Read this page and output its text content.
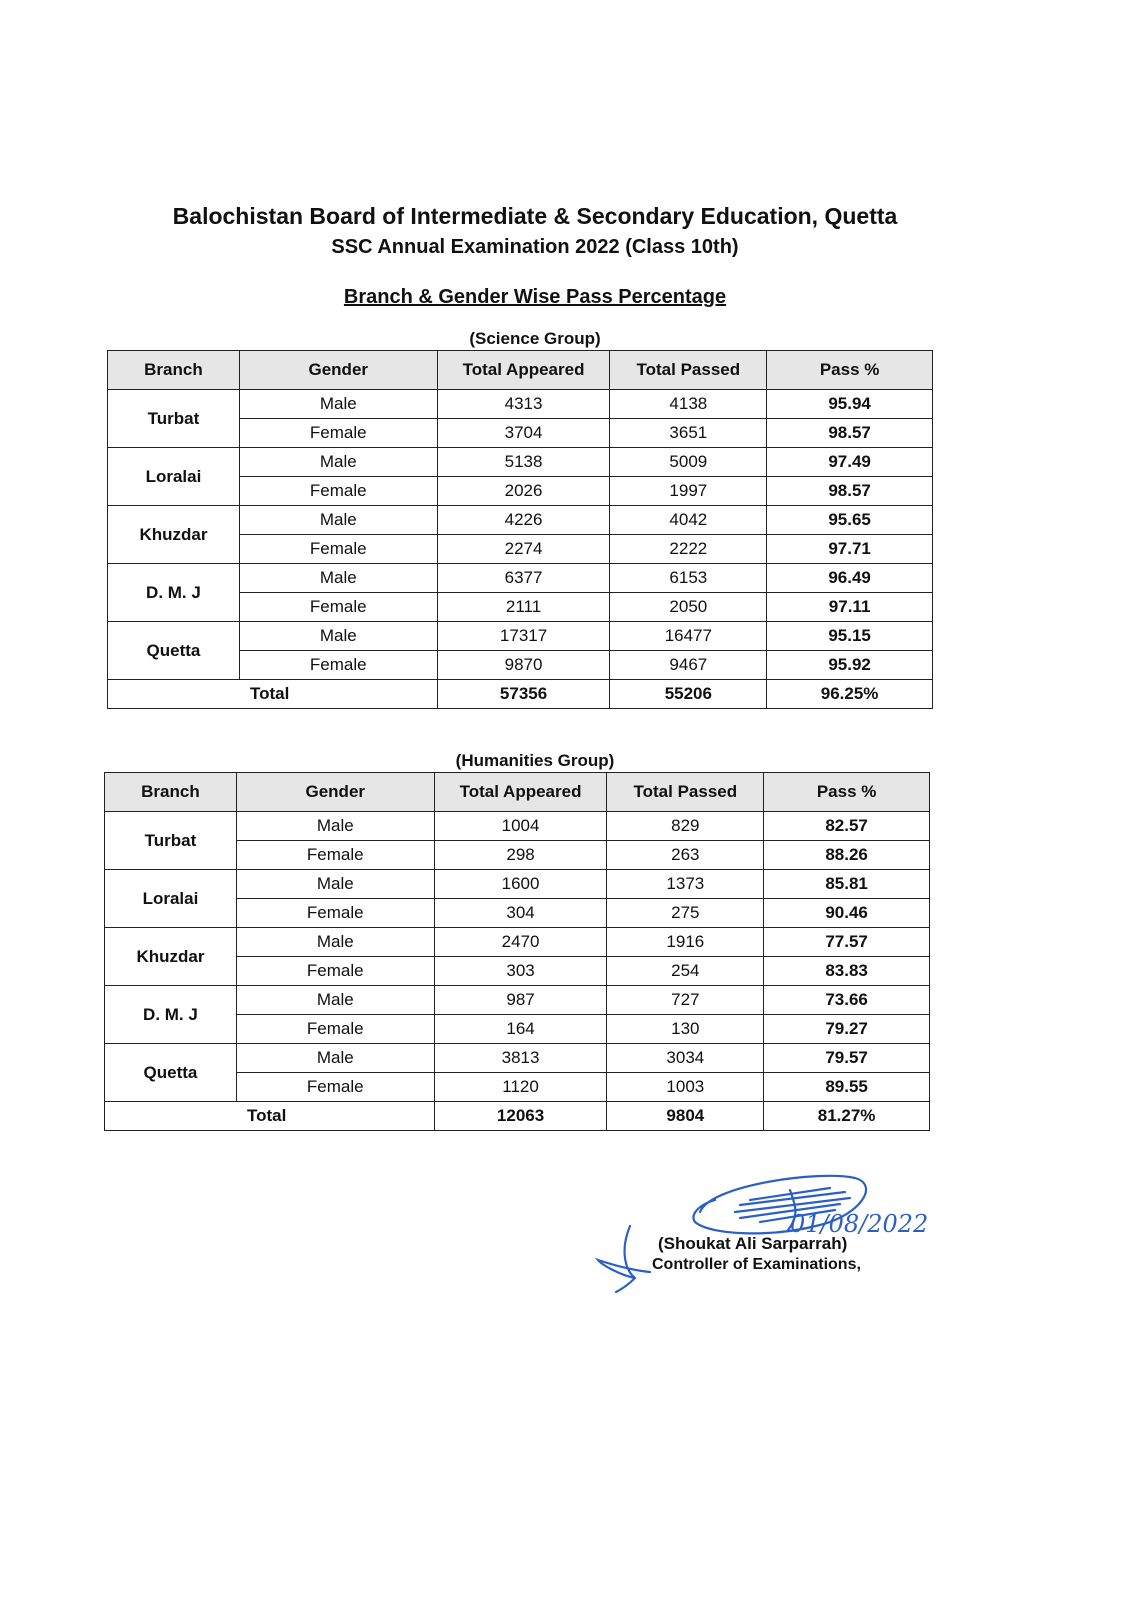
Balochistan Board of Intermediate & Secondary Education, Quetta
SSC Annual Examination 2022 (Class 10th)
Branch & Gender Wise Pass Percentage
(Science Group)
Branch	Gender	Total Appeared	Total Passed	Pass %
Turbat	Male	4313	4138	95.94
	Female	3704	3651	98.57
Loralai	Male	5138	5009	97.49
	Female	2026	1997	98.57
Khuzdar	Male	4226	4042	95.65
	Female	2274	2222	97.71
D. M. J	Male	6377	6153	96.49
	Female	2111	2050	97.11
Quetta	Male	17317	16477	95.15
	Female	9870	9467	95.92
Total		57356	55206	96.25%
(Humanities Group)
Branch	Gender	Total Appeared	Total Passed	Pass %
Turbat	Male	1004	829	82.57
	Female	298	263	88.26
Loralai	Male	1600	1373	85.81
	Female	304	275	90.46
Khuzdar	Male	2470	1916	77.57
	Female	303	254	83.83
D. M. J	Male	987	727	73.66
	Female	164	130	79.27
Quetta	Male	3813	3034	79.57
	Female	1120	1003	89.55
Total		12063	9804	81.27%
01/08/2022
(Shoukat Ali Sarparrah)
Controller of Examinations,
